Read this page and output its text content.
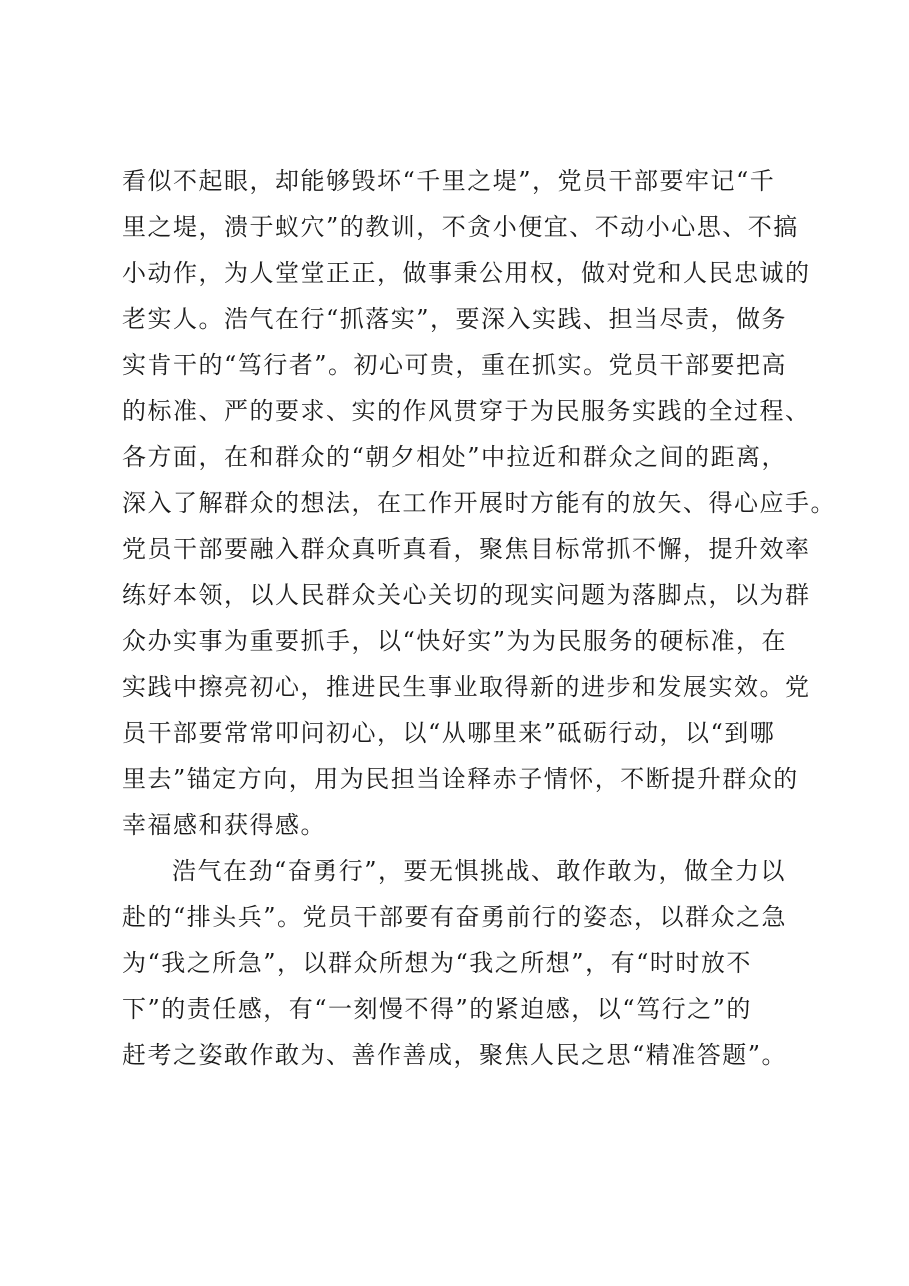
看似不起眼，却能够毁坏“千里之堤”，党员干部要牢记“千
里之堤，溃于蚁穴”的教训，不贪小便宜、不动小心思、不搞
小动作，为人堂堂正正，做事秉公用权，做对党和人民忠诚的
老实人。浩气在行“抓落实”，要深入实践、担当尽责，做务
实肯干的“笃行者”。初心可贵，重在抓实。党员干部要把高
的标准、严的要求、实的作风贯穿于为民服务实践的全过程、
各方面，在和群众的“朝夕相处”中拉近和群众之间的距离，
深入了解群众的想法，在工作开展时方能有的放矢、得心应手。
党员干部要融入群众真听真看，聚焦目标常抓不懈，提升效率
练好本领，以人民群众关心关切的现实问题为落脚点，以为群
众办实事为重要抓手，以“快好实”为为民服务的硬标准，在
实践中擦亮初心，推进民生事业取得新的进步和发展实效。党
员干部要常常叩问初心，以“从哪里来”砥砺行动，以“到哪
里去”锚定方向，用为民担当诠释赤子情怀，不断提升群众的
幸福感和获得感。
浩气在劲“奋勇行”，要无惧挑战、敢作敢为，做全力以
赴的“排头兵”。党员干部要有奋勇前行的姿态，以群众之急
为“我之所急”，以群众所想为“我之所想”，有“时时放不
下”的责任感，有“一刻慢不得”的紧迫感，以“笃行之”的
赶考之姿敢作敢为、善作善成，聚焦人民之思“精准答题”。
